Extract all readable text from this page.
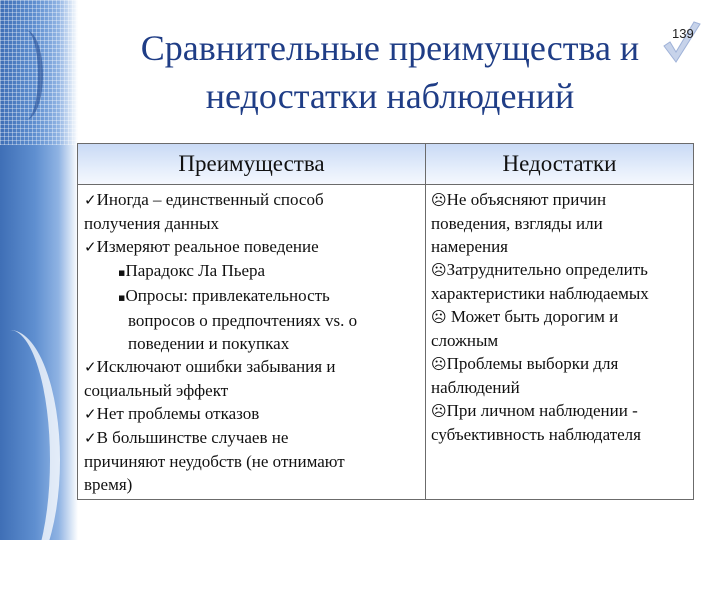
Сравнительные преимущества и
недостатки наблюдений
139
Преимущества	Недостатки
✓Иногда – единственный способ
получения данных
✓Измеряют реальное поведение
▪Парадокс Ла Пьера
▪Опросы: привлекательность
вопросов о предпочтениях vs. о
поведении и покупках
✓Исключают ошибки забывания и
социальный эффект
✓Нет проблемы отказов
✓В большинстве случаев не
причиняют неудобств (не отнимают
время)
☹Не объясняют причин
поведения, взгляды или
намерения
☹Затруднительно определить
характеристики наблюдаемых
☹ Может быть дорогим и
сложным
☹Проблемы выборки для
наблюдений
☹При личном наблюдении -
субъективность наблюдателя
